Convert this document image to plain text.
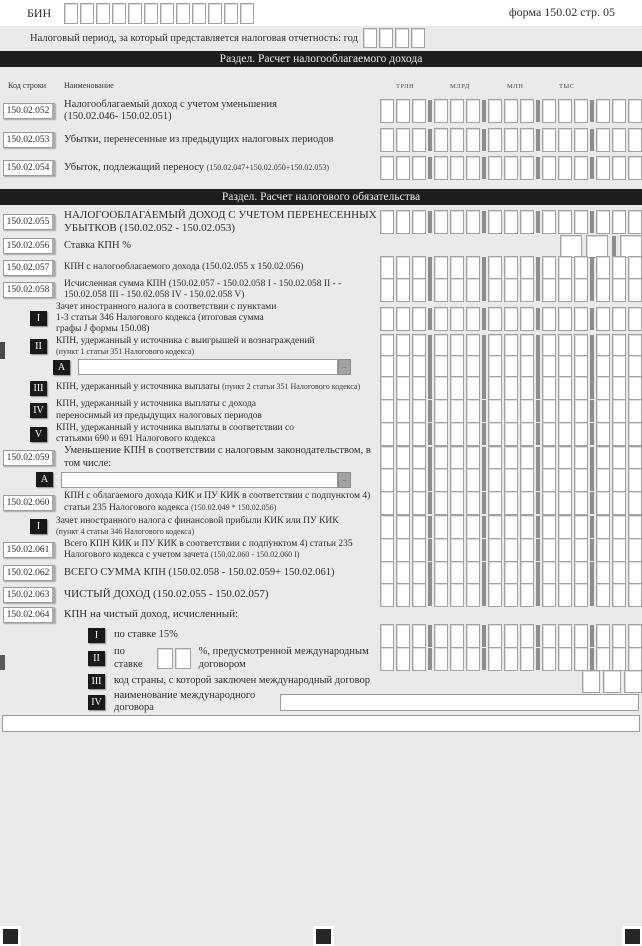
БИН	форма 150.02 стр. 05
Налоговый период, за который представляется налоговая отчетность: год
Раздел. Расчет налогооблагаемого дохода
Код строки Наименование	ТРЛН	МЛРД	МЛН	ТЫС
150.02.052
Налогооблагаемый доход с учетом уменьшения
(150.02.046- 150.02.051)
150.02.053	Убытки, перенесенные из предыдущих налоговых периодов
150.02.054	Убыток, подлежащий переносу (150.02.047+150.02.050+150.02.053)
Раздел. Расчет налогового обязательства
150.02.055
НАЛОГООБЛАГАЕМЫЙ ДОХОД С УЧЕТОМ ПЕРЕНЕСЕННЫХ УБЫТКОВ (150.02.052 - 150.02.053)
150.02.056	Ставка КПН %
150.02.057	КПН с налогооблагаемого дохода (150.02.055 х 150.02.056)
150.02.058
Исчисленная сумма КПН (150.02.057 - 150.02.058 I - 150.02.058 II - - 150.02.058 III - 150.02.058 IV - 150.02.058 V)
I
Зачет иностранного налога в соответствии с пунктами 1-3 статьи 346 Налогового кодекса (итоговая сумма графы J формы 150.08)
II	КПН, удержанный у источника с выигрышей и вознаграждений
(пункт 1 статьи 351 Налогового кодекса)
А	–
III	КПН, удержанный у источника выплаты (пункт 2 статьи 351 Налогового кодекса)
IV
КПН, удержанный у источника выплаты с дохода переносимый из предыдущих налоговых периодов
V
КПН, удержанный у источника выплаты в соответствии со статьями 690 и 691 Налогового кодекса
150.02.059
Уменьшение КПН в соответствии с налоговым законодательством, в том числе:
А	–
150.02.060
КПН с облагаемого дохода КИК и ПУ КИК в соответствии с подпунктом 4) статьи 235 Налогового кодекса (150.02.049 * 150.02.056)
I	Зачет иностранного налога с финансовой прибыли КИК или ПУ КИК
(пункт 4 статьи 346 Налогового кодекса)
150.02.061
Всего КПН КИК и ПУ КИК в соответствии с подпунктом 4) статьи 235 Налогового кодекса с учетом зачета (150.02.060 - 150.02.060 I)
150.02.062	ВСЕГО СУММА КПН (150.02.058 - 150.02.059+ 150.02.061)
150.02.063	ЧИСТЫЙ ДОХОД (150.02.055 - 150.02.057)
150.02.064	КПН на чистый доход, исчисленный:
I	по ставке 15%
II
по ставке
%, предусмотренной международным договором
III	код страны, с которой заключен международный договор
IV
наименование международного договора
